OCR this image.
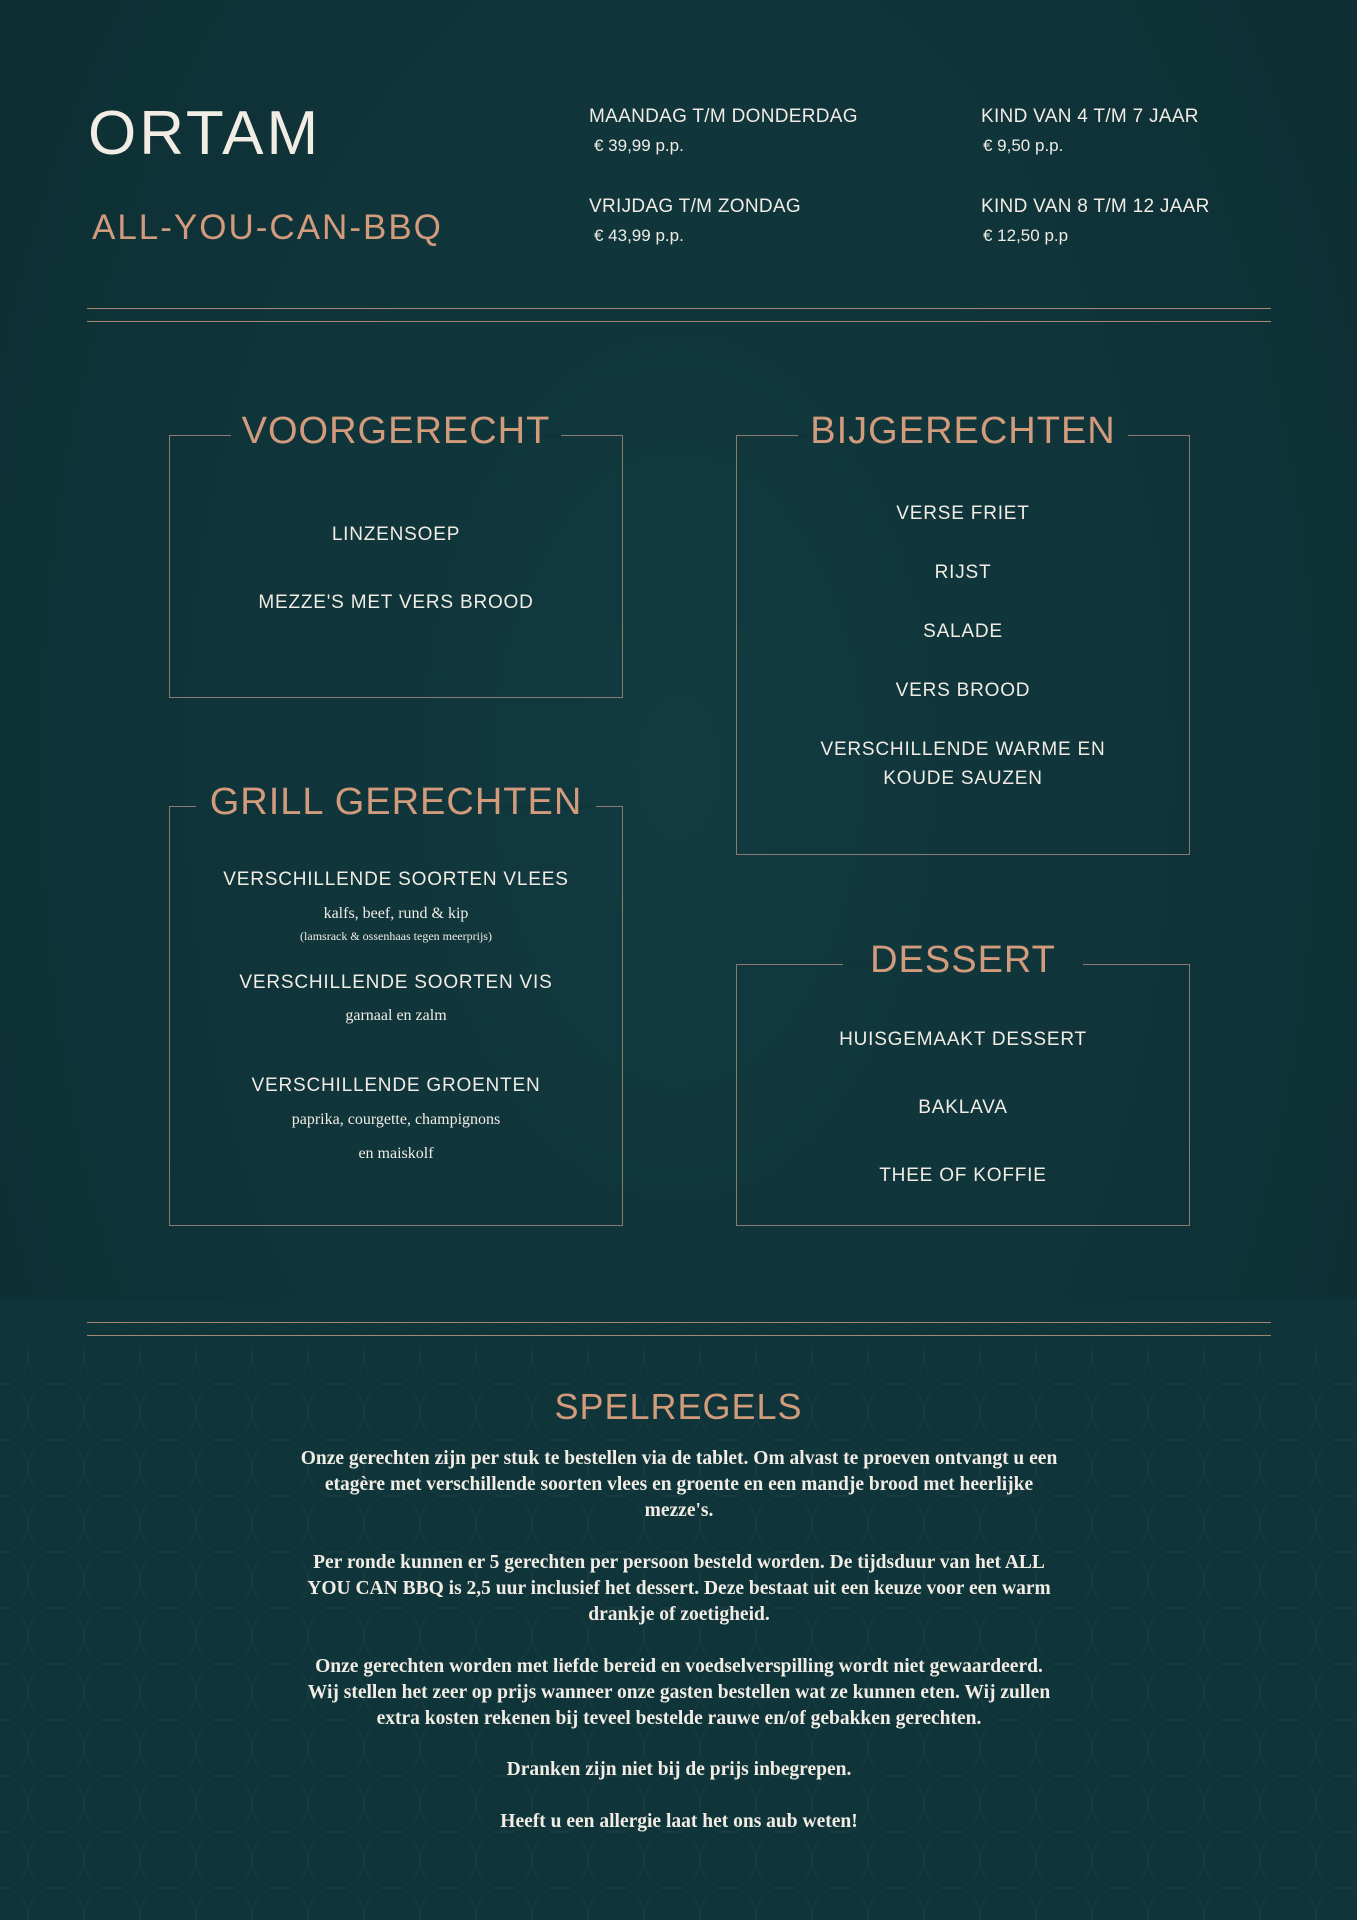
ORTAM
ALL-YOU-CAN-BBQ
MAANDAG T/M DONDERDAG
€ 39,99 p.p.
VRIJDAG T/M ZONDAG
€ 43,99 p.p.
KIND VAN 4 T/M 7 JAAR
€ 9,50 p.p.
KIND VAN 8 T/M 12 JAAR
€ 12,50 p.p
VOORGERECHT
LINZENSOEP
MEZZE'S MET VERS BROOD
BIJGERECHTEN
VERSE FRIET
RIJST
SALADE
VERS BROOD
VERSCHILLENDE WARME EN
KOUDE SAUZEN
GRILL GERECHTEN
VERSCHILLENDE SOORTEN VLEES
kalfs, beef, rund & kip
(lamsrack & ossenhaas tegen meerprijs)
VERSCHILLENDE SOORTEN VIS
garnaal en zalm
VERSCHILLENDE GROENTEN
paprika, courgette, champignons
en maiskolf
DESSERT
HUISGEMAAKT DESSERT
BAKLAVA
THEE OF KOFFIE
SPELREGELS
Onze gerechten zijn per stuk te bestellen via de tablet. Om alvast te proeven ontvangt u een
etagère met verschillende soorten vlees en groente en een mandje brood met heerlijke
mezze's.
Per ronde kunnen er 5 gerechten per persoon besteld worden. De tijdsduur van het ALL
YOU CAN BBQ is 2,5 uur inclusief het dessert. Deze bestaat uit een keuze voor een warm
drankje of zoetigheid.
Onze gerechten worden met liefde bereid en voedselverspilling wordt niet gewaardeerd.
Wij stellen het zeer op prijs wanneer onze gasten bestellen wat ze kunnen eten. Wij zullen
extra kosten rekenen bij teveel bestelde rauwe en/of gebakken gerechten.
Dranken zijn niet bij de prijs inbegrepen.
Heeft u een allergie laat het ons aub weten!
